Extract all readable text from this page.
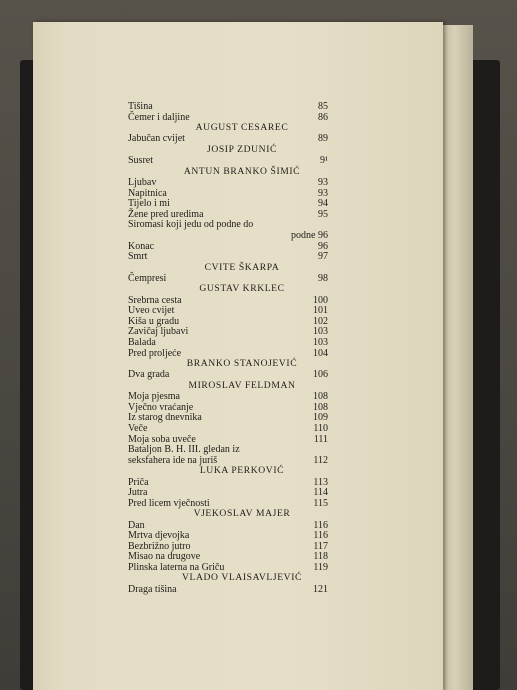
Tišina	85
Čemer i daljine	86
AUGUST CESAREC
Jabučan cvijet	89
JOSIP ZDUNIĆ
Susret	9¹
ANTUN BRANKO ŠIMIĆ
Ljubav	93
Napitnica	93
Tijelo i mi	94
Žene pred uredima	95
Siromasi koji jedu od podne do
podne 96
Konac	96
Smrt	97
CVITE ŠKARPA
Čempresi	98
GUSTAV KRKLEC
Srebrna cesta	100
Uveo cvijet	101
Kiša u gradu	102
Zavičaj ljubavi	103
Balada	103
Pred proljeće	104
BRANKO STANOJEVIĆ
Dva grada	106
MIROSLAV FELDMAN
Moja pjesma	108
Vječno vraćanje	108
Iz starog dnevnika	109
Veče	110
Moja soba uveče	111
Bataljon B. H. III. gledan iz
seksfahera ide na juriš	112
LUKA PERKOVIĆ
Priča	113
Jutra	114
Pred licem vječnosti	115
VJEKOSLAV MAJER
Dan	116
Mrtva djevojka	116
Bezbrižno jutro	117
Misao na drugove	118
Plinska laterna na Griču	119
VLADO VLAISAVLJEVIĆ
Draga tišina	121
